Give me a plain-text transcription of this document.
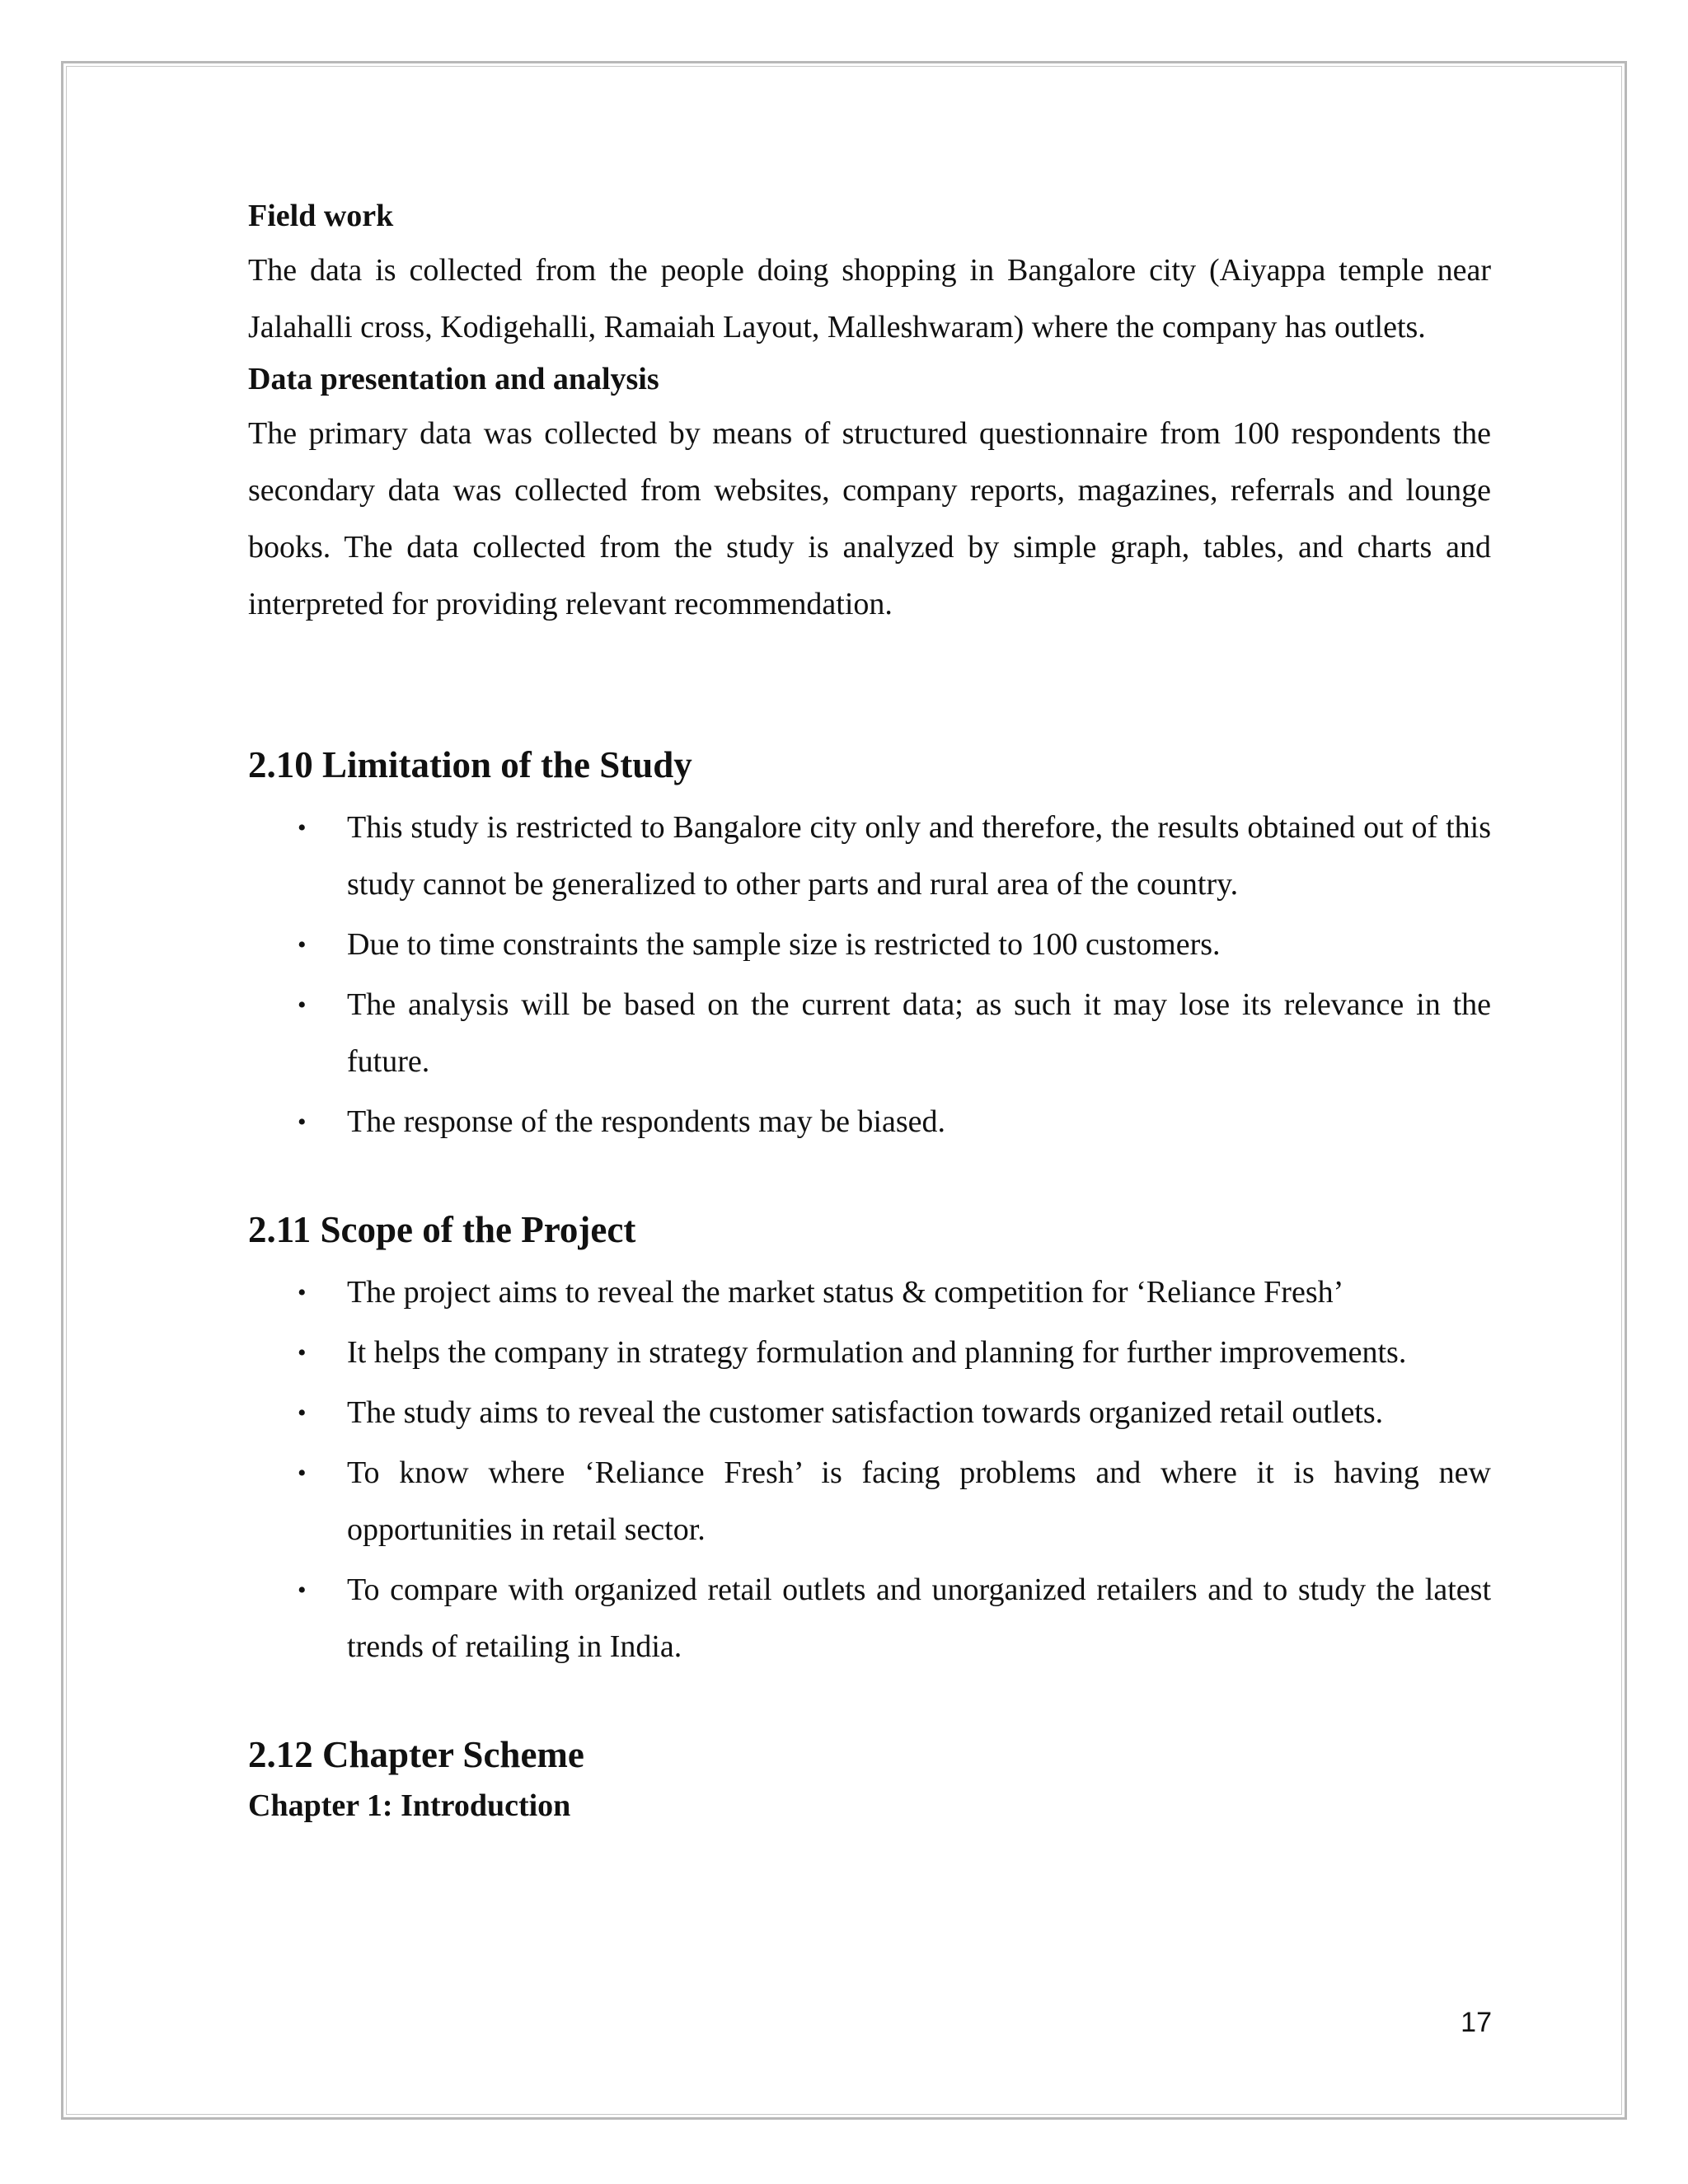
Field work

The data is collected from the people doing shopping in Bangalore city (Aiyappa temple near Jalahalli cross, Kodigehalli, Ramaiah Layout, Malleshwaram) where the company has outlets.

Data presentation and analysis

The primary data was collected by means of structured questionnaire from 100 respondents the secondary data was collected from websites, company reports, magazines, referrals and lounge books. The data collected from the study is analyzed by simple graph, tables, and charts and interpreted for providing relevant recommendation.

2.10 Limitation of the Study
• This study is restricted to Bangalore city only and therefore, the results obtained out of this study cannot be generalized to other parts and rural area of the country.
• Due to time constraints the sample size is restricted to 100 customers.
• The analysis will be based on the current data; as such it may lose its relevance in the future.
• The response of the respondents may be biased.
2.11 Scope of the Project
• The project aims to reveal the market status & competition for ‘Reliance Fresh’
• It helps the company in strategy formulation and planning for further improvements.
• The study aims to reveal the customer satisfaction towards organized retail outlets.
• To know where ‘Reliance Fresh’ is facing problems and where it is having new opportunities in retail sector.
• To compare with organized retail outlets and unorganized retailers and to study the latest trends of retailing in India.
2.12 Chapter Scheme

Chapter 1: Introduction

17
